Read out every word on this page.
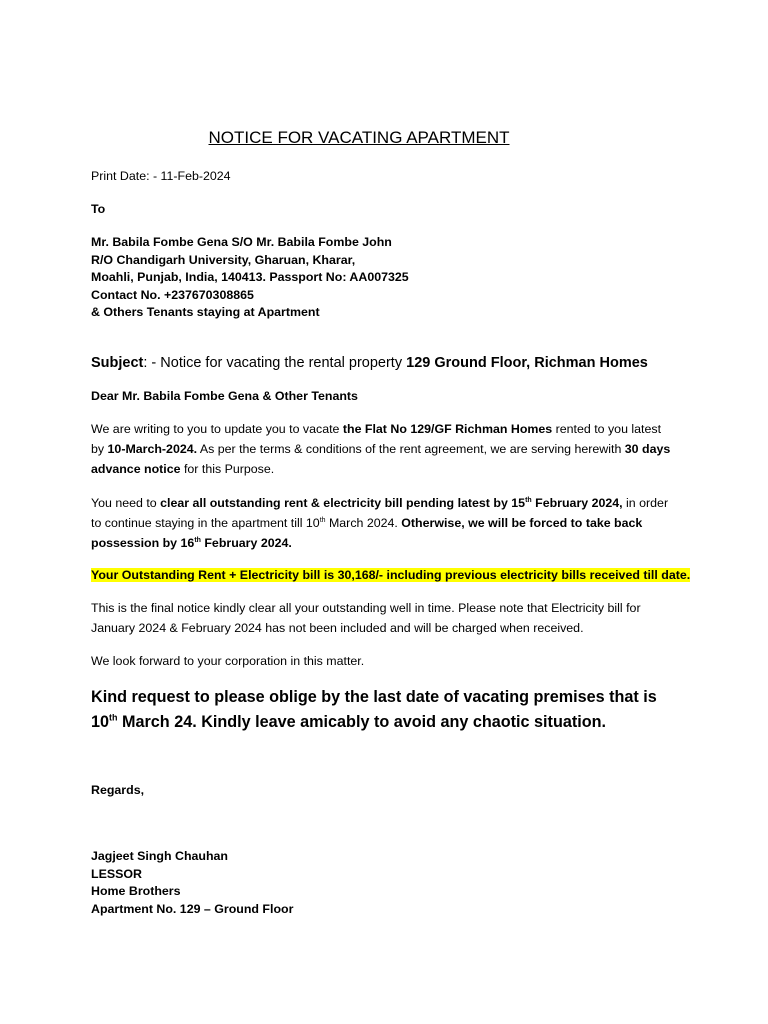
NOTICE FOR VACATING APARTMENT

Print Date: - 11-Feb-2024

To

Mr. Babila Fombe Gena S/O Mr. Babila Fombe John
R/O Chandigarh University, Gharuan, Kharar,
Moahli, Punjab, India, 140413. Passport No: AA007325
Contact No. +237670308865
& Others Tenants staying at Apartment

Subject: - Notice for vacating the rental property 129 Ground Floor, Richman Homes

Dear Mr. Babila Fombe Gena & Other Tenants

We are writing to you to update you to vacate the Flat No 129/GF Richman Homes rented to you latest by 10-March-2024. As per the terms & conditions of the rent agreement, we are serving herewith 30 days advance notice for this Purpose.

You need to clear all outstanding rent & electricity bill pending latest by 15th February 2024, in order to continue staying in the apartment till 10th March 2024. Otherwise, we will be forced to take back possession by 16th February 2024.

Your Outstanding Rent + Electricity bill is 30,168/- including previous electricity bills received till date.

This is the final notice kindly clear all your outstanding well in time. Please note that Electricity bill for January 2024 & February 2024 has not been included and will be charged when received.

We look forward to your corporation in this matter.

Kind request to please oblige by the last date of vacating premises that is 10th March 24. Kindly leave amicably to avoid any chaotic situation.

Regards,

Jagjeet Singh Chauhan
LESSOR
Home Brothers
Apartment No. 129 – Ground Floor
